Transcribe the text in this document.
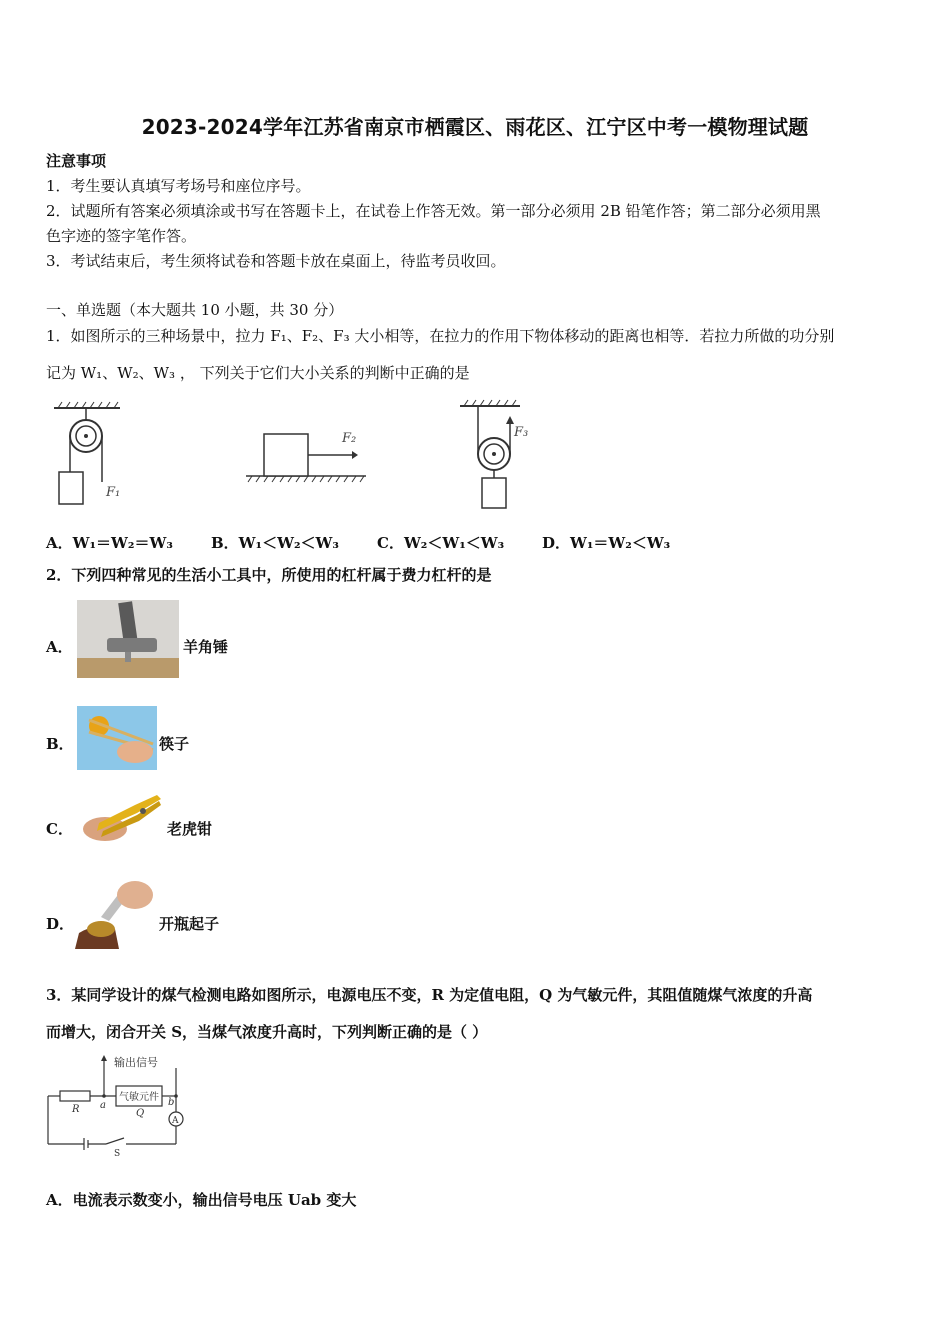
2023-2024学年江苏省南京市栖霞区、雨花区、江宁区中考一模物理试题
注意事项
1．考生要认真填写考场号和座位序号。
2．试题所有答案必须填涂或书写在答题卡上，在试卷上作答无效。第一部分必须用 2B 铅笔作答；第二部分必须用黑
色字迹的签字笔作答。
3．考试结束后，考生须将试卷和答题卡放在桌面上，待监考员收回。
一、单选题（本大题共 10 小题，共 30 分）
1．如图所示的三种场景中，拉力 F₁、F₂、F₃ 大小相等，在拉力的作用下物体移动的距离也相等．若拉力所做的功分别
记为 W₁、W₂、W₃ ， 下列关于它们大小关系的判断中正确的是
F₁
F₂	F₃
A．W₁＝W₂＝W₃	B．W₁＜W₂＜W₃	C．W₂＜W₁＜W₃	D．W₁＝W₂＜W₃
2．下列四种常见的生活小工具中，所使用的杠杆属于费力杠杆的是
A．	羊角锤
B．	筷子
C．	老虎钳
D．	开瓶起子
3．某同学设计的煤气检测电路如图所示，电源电压不变，R 为定值电阻，Q 为气敏元件，其阻值随煤气浓度的升高
而增大，闭合开关 S，当煤气浓度升高时，下列判断正确的是（ ）
输出信号
气敏元件
R a	b
Q
A
S
A．电流表示数变小，输出信号电压 Uab 变大
